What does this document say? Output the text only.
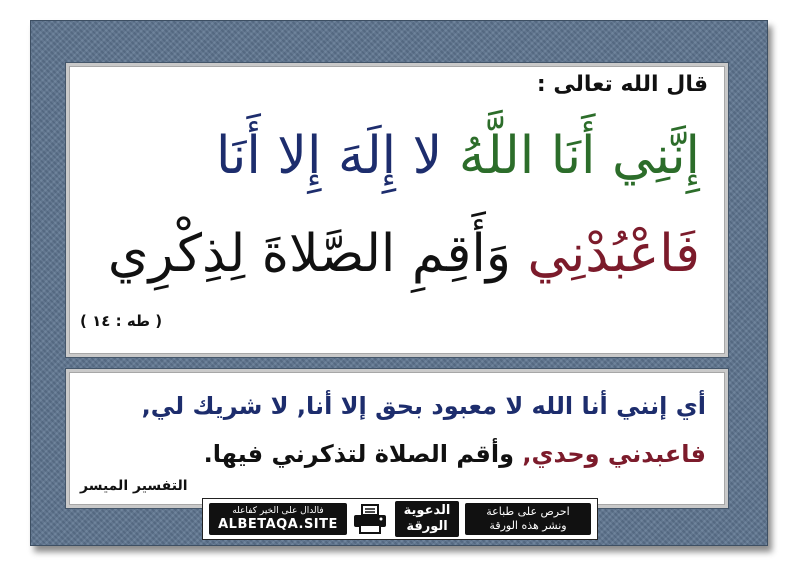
قال الله تعالى :
إِنَّنِي أَنَا اللَّهُ لا إِلَهَ إِلا أَنَا
فَاعْبُدْنِي وَأَقِمِ الصَّلاةَ لِذِكْرِي
( طه : ١٤ )
أي إنني أنا الله لا معبود بحق إلا أنا, لا شريك لي, فاعبدني وحدي, وأقم الصلاة لتذكرني فيها.
التفسير الميسر
فالدال على الخير كفاعله
ALBETAQA.SITE
الدعوية
الورقة
احرص على طباعة
ونشر هذه الورقة
